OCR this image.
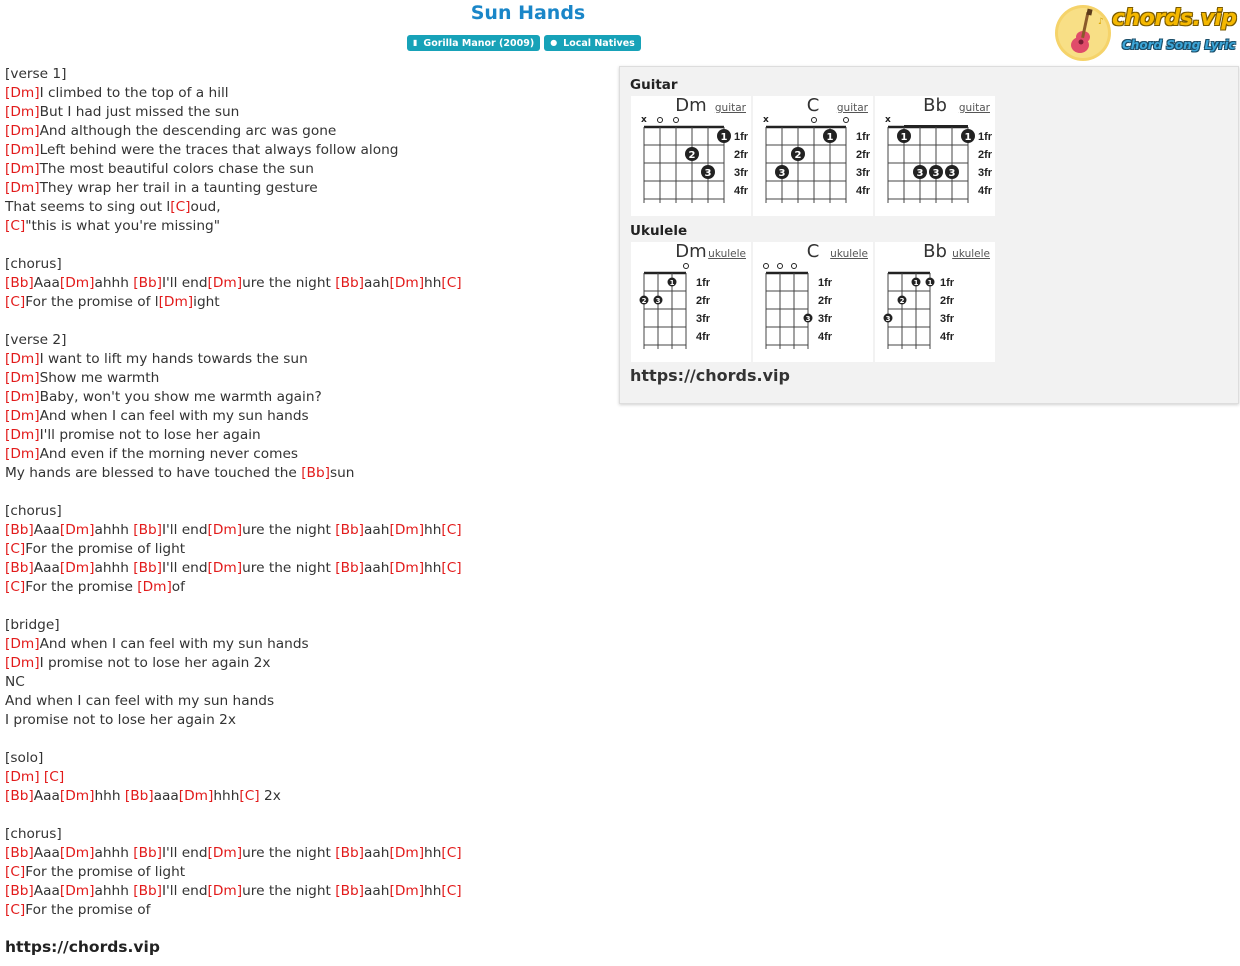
Sun Hands
▮ Gorilla Manor (2009) ● Local Natives
♪ chords.vip
Chord Song Lyric
[verse 1]
[Dm]I climbed to the top of a hill
[Dm]But I had just missed the sun
[Dm]And although the descending arc was gone
[Dm]Left behind were the traces that always follow along
[Dm]The most beautiful colors chase the sun
[Dm]They wrap her trail in a taunting gesture
That seems to sing out l[C]oud,
[C]"this is what you're missing"
[chorus]
[Bb]Aaa[Dm]ahhh [Bb]I'll end[Dm]ure the night [Bb]aah[Dm]hh[C]
[C]For the promise of l[Dm]ight
[verse 2]
[Dm]I want to lift my hands towards the sun
[Dm]Show me warmth
[Dm]Baby, won't you show me warmth again?
[Dm]And when I can feel with my sun hands
[Dm]I'll promise not to lose her again
[Dm]And even if the morning never comes
My hands are blessed to have touched the [Bb]sun
[chorus]
[Bb]Aaa[Dm]ahhh [Bb]I'll end[Dm]ure the night [Bb]aah[Dm]hh[C]
[C]For the promise of light
[Bb]Aaa[Dm]ahhh [Bb]I'll end[Dm]ure the night [Bb]aah[Dm]hh[C]
[C]For the promise [Dm]of
[bridge]
[Dm]And when I can feel with my sun hands
[Dm]I promise not to lose her again 2x
NC
And when I can feel with my sun hands
I promise not to lose her again 2x
[solo]
[Dm] [C]
[Bb]Aaa[Dm]hhh [Bb]aaa[Dm]hhh[C] 2x
[chorus]
[Bb]Aaa[Dm]ahhh [Bb]I'll end[Dm]ure the night [Bb]aah[Dm]hh[C]
[C]For the promise of light
[Bb]Aaa[Dm]ahhh [Bb]I'll end[Dm]ure the night [Bb]aah[Dm]hh[C]
[C]For the promise of
https://chords.vip
Guitar
Ukulele
https://chords.vip
Dm guitar
1fr
2fr
3fr
4fr
x
2
3
1
C	guitar
1fr
2fr
3fr
4fr
x
3
2
1
Bb	guitar
1fr
2fr
3fr
4fr
x
1	1
3 3 3
Dm ukulele
1fr
2fr
3fr
4fr
2 3
1
C	ukulele
1fr
2fr
3fr
4fr
3
Bb ukulele
1fr
2fr
3fr
4fr
3
2
1 1
